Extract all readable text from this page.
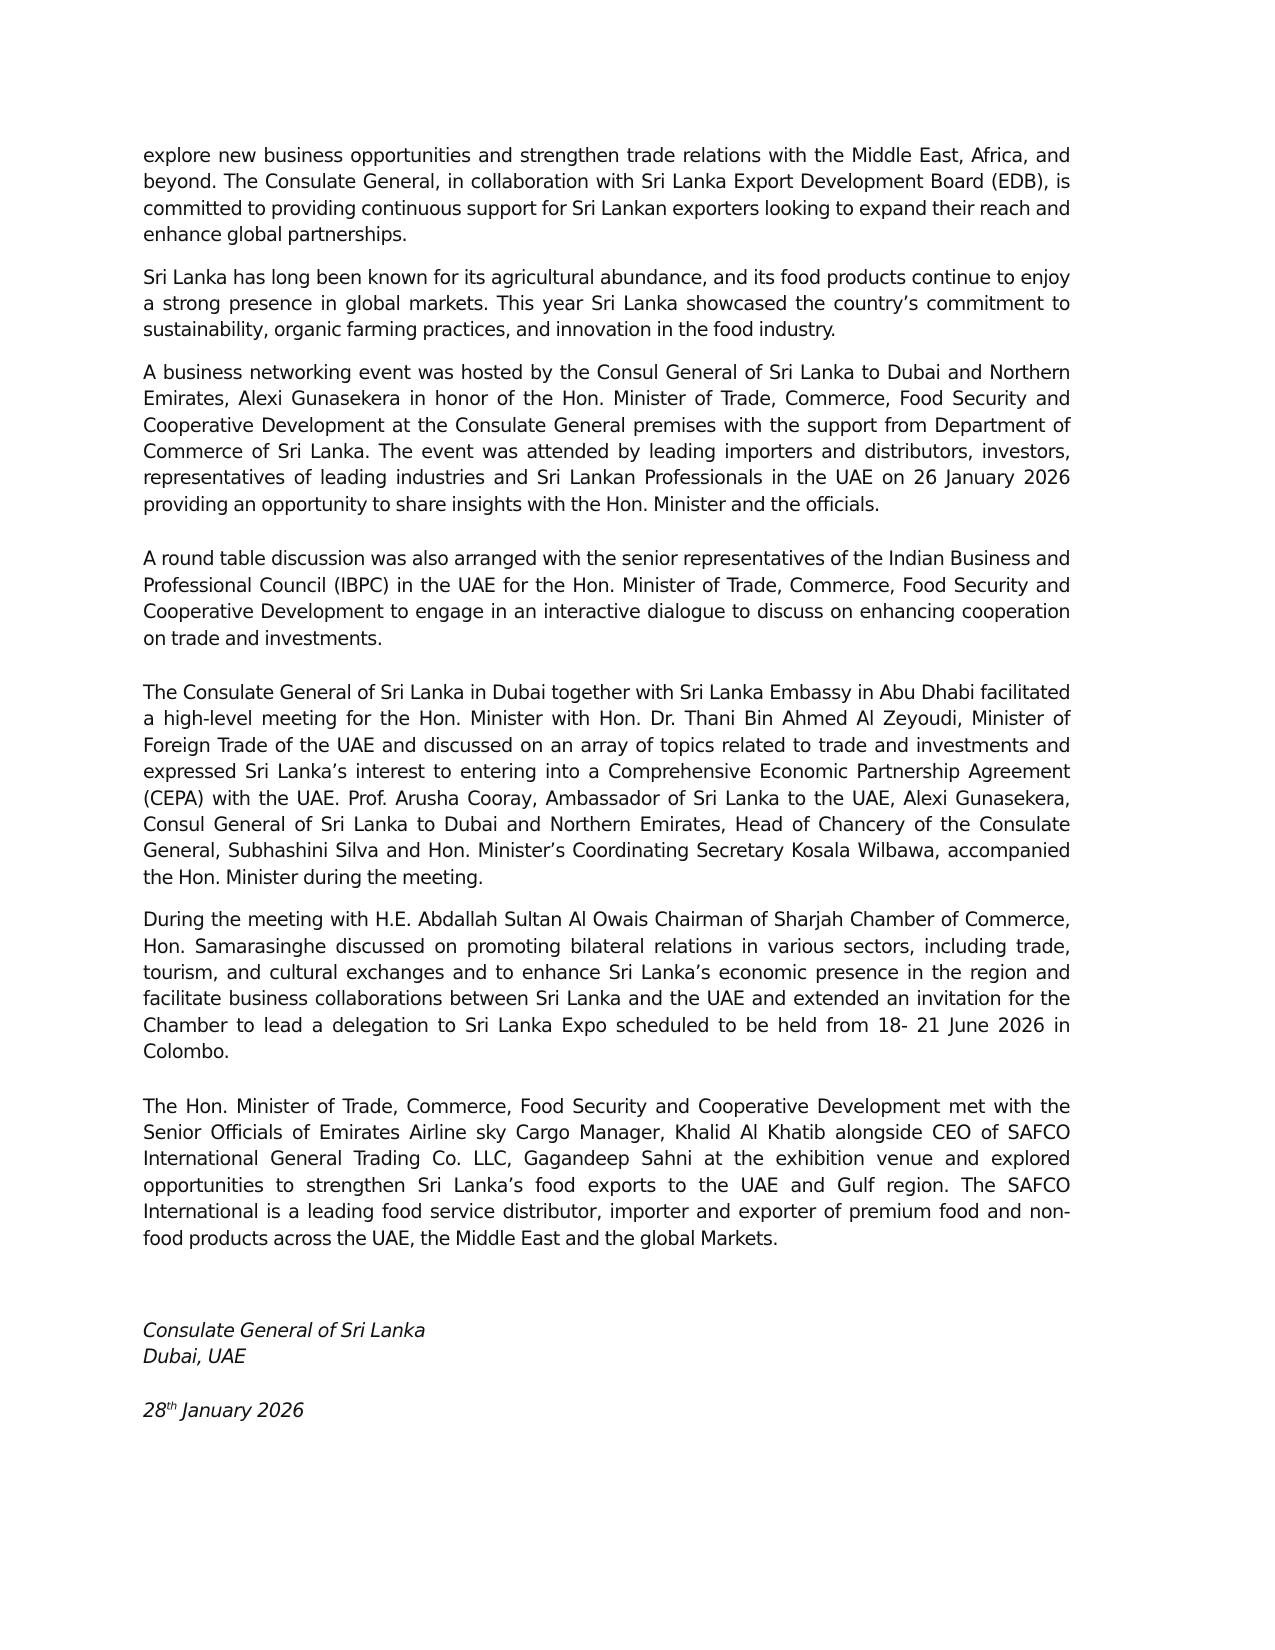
explore new business opportunities and strengthen trade relations with the Middle East, Africa, and beyond. The Consulate General, in collaboration with Sri Lanka Export Development Board (EDB), is committed to providing continuous support for Sri Lankan exporters looking to expand their reach and enhance global partnerships.

Sri Lanka has long been known for its agricultural abundance, and its food products continue to enjoy a strong presence in global markets. This year Sri Lanka showcased the country’s commitment to sustainability, organic farming practices, and innovation in the food industry.

A business networking event was hosted by the Consul General of Sri Lanka to Dubai and Northern Emirates, Alexi Gunasekera in honor of the Hon. Minister of Trade, Commerce, Food Security and Cooperative Development at the Consulate General premises with the support from Department of Commerce of Sri Lanka. The event was attended by leading importers and distributors, investors, representatives of leading industries and Sri Lankan Professionals in the UAE on 26 January 2026 providing an opportunity to share insights with the Hon. Minister and the officials.

A round table discussion was also arranged with the senior representatives of the Indian Business and Professional Council (IBPC) in the UAE for the Hon. Minister of Trade, Commerce, Food Security and Cooperative Development to engage in an interactive dialogue to discuss on enhancing cooperation on trade and investments.

The Consulate General of Sri Lanka in Dubai together with Sri Lanka Embassy in Abu Dhabi facilitated a high-level meeting for the Hon. Minister with Hon. Dr. Thani Bin Ahmed Al Zeyoudi, Minister of Foreign Trade of the UAE and discussed on an array of topics related to trade and investments and expressed Sri Lanka’s interest to entering into a Comprehensive Economic Partnership Agreement (CEPA) with the UAE. Prof. Arusha Cooray, Ambassador of Sri Lanka to the UAE, Alexi Gunasekera, Consul General of Sri Lanka to Dubai and Northern Emirates, Head of Chancery of the Consulate General, Subhashini Silva and Hon. Minister’s Coordinating Secretary Kosala Wilbawa, accompanied the Hon. Minister during the meeting.

During the meeting with H.E. Abdallah Sultan Al Owais Chairman of Sharjah Chamber of Commerce, Hon. Samarasinghe discussed on promoting bilateral relations in various sectors, including trade, tourism, and cultural exchanges and to enhance Sri Lanka’s economic presence in the region and facilitate business collaborations between Sri Lanka and the UAE and extended an invitation for the Chamber to lead a delegation to Sri Lanka Expo scheduled to be held from 18- 21 June 2026 in Colombo.

The Hon. Minister of Trade, Commerce, Food Security and Cooperative Development met with the Senior Officials of Emirates Airline sky Cargo Manager, Khalid Al Khatib alongside CEO of SAFCO International General Trading Co. LLC, Gagandeep Sahni at the exhibition venue and explored opportunities to strengthen Sri Lanka’s food exports to the UAE and Gulf region. The SAFCO International is a leading food service distributor, importer and exporter of premium food and non-food products across the UAE, the Middle East and the global Markets.

Consulate General of Sri Lanka
Dubai, UAE
28th January 2026
